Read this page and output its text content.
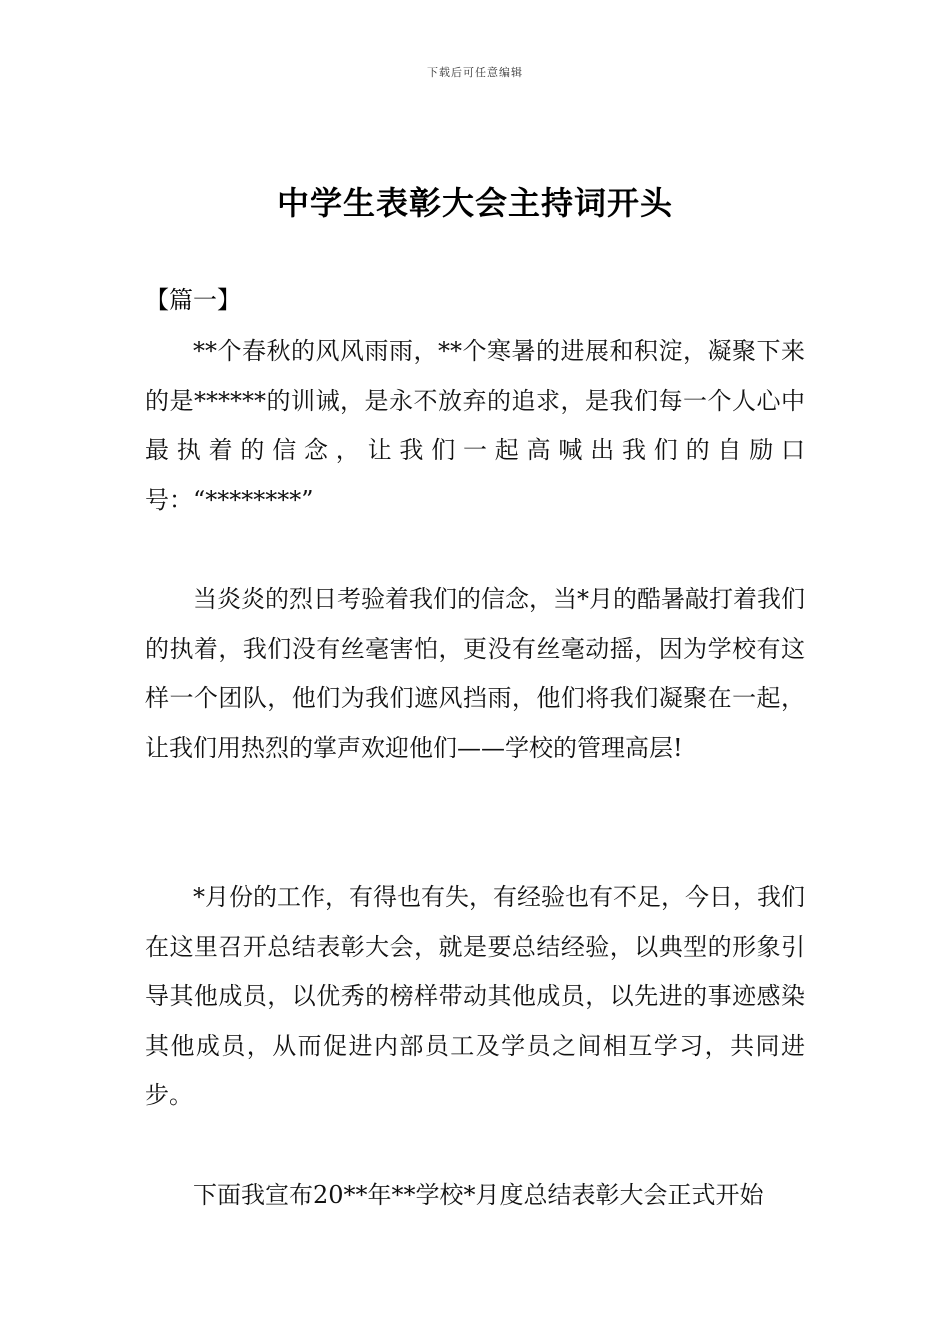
下载后可任意编辑
中学生表彰大会主持词开头
【篇一】

**个春秋的风风雨雨，**个寒暑的进展和积淀，凝聚下来的是******的训诫，是永不放弃的追求，是我们每一个人心中最执着的信念，让我们一起高喊出我们的自励口号：“********”

当炎炎的烈日考验着我们的信念，当*月的酷暑敲打着我们的执着，我们没有丝毫害怕，更没有丝毫动摇，因为学校有这样一个团队，他们为我们遮风挡雨，他们将我们凝聚在一起，让我们用热烈的掌声欢迎他们——学校的管理高层!

*月份的工作，有得也有失，有经验也有不足，今日，我们在这里召开总结表彰大会，就是要总结经验，以典型的形象引导其他成员，以优秀的榜样带动其他成员，以先进的事迹感染其他成员，从而促进内部员工及学员之间相互学习，共同进步。

下面我宣布20**年**学校*月度总结表彰大会正式开始
